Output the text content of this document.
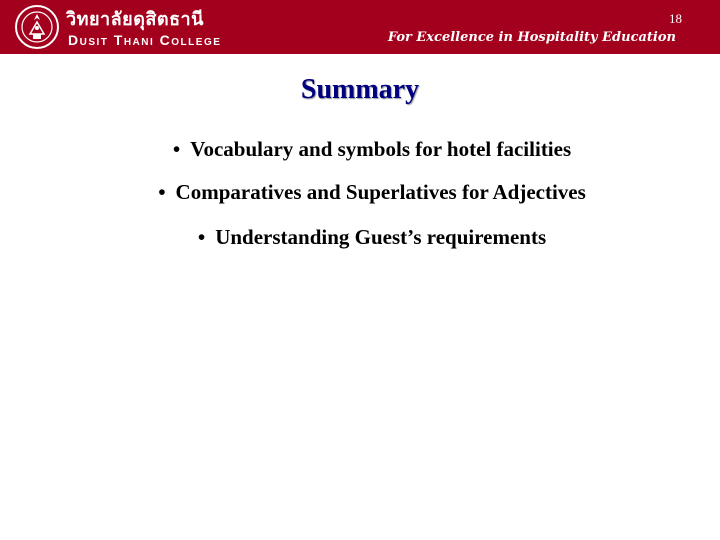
วิทยาลัยดุสิตธานี
Dusit Thani College
18
For Excellence in Hospitality Education
Summary
• Vocabulary and symbols for hotel facilities
• Comparatives and Superlatives for Adjectives
• Understanding Guest’s requirements
